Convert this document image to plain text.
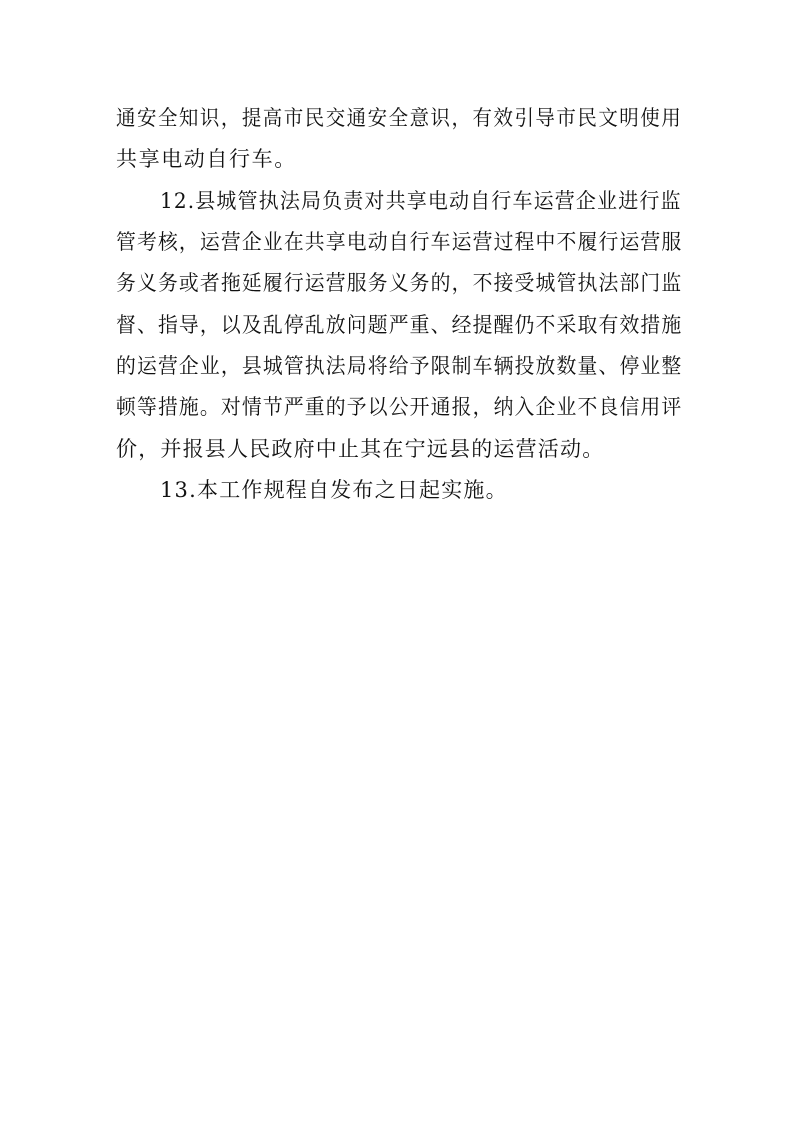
通安全知识，提高市民交通安全意识，有效引导市民文明使用
共享电动自行车。
12.县城管执法局负责对共享电动自行车运营企业进行监
管考核，运营企业在共享电动自行车运营过程中不履行运营服
务义务或者拖延履行运营服务义务的，不接受城管执法部门监
督、指导，以及乱停乱放问题严重、经提醒仍不采取有效措施
的运营企业，县城管执法局将给予限制车辆投放数量、停业整
顿等措施。对情节严重的予以公开通报，纳入企业不良信用评
价，并报县人民政府中止其在宁远县的运营活动。
13.本工作规程自发布之日起实施。
